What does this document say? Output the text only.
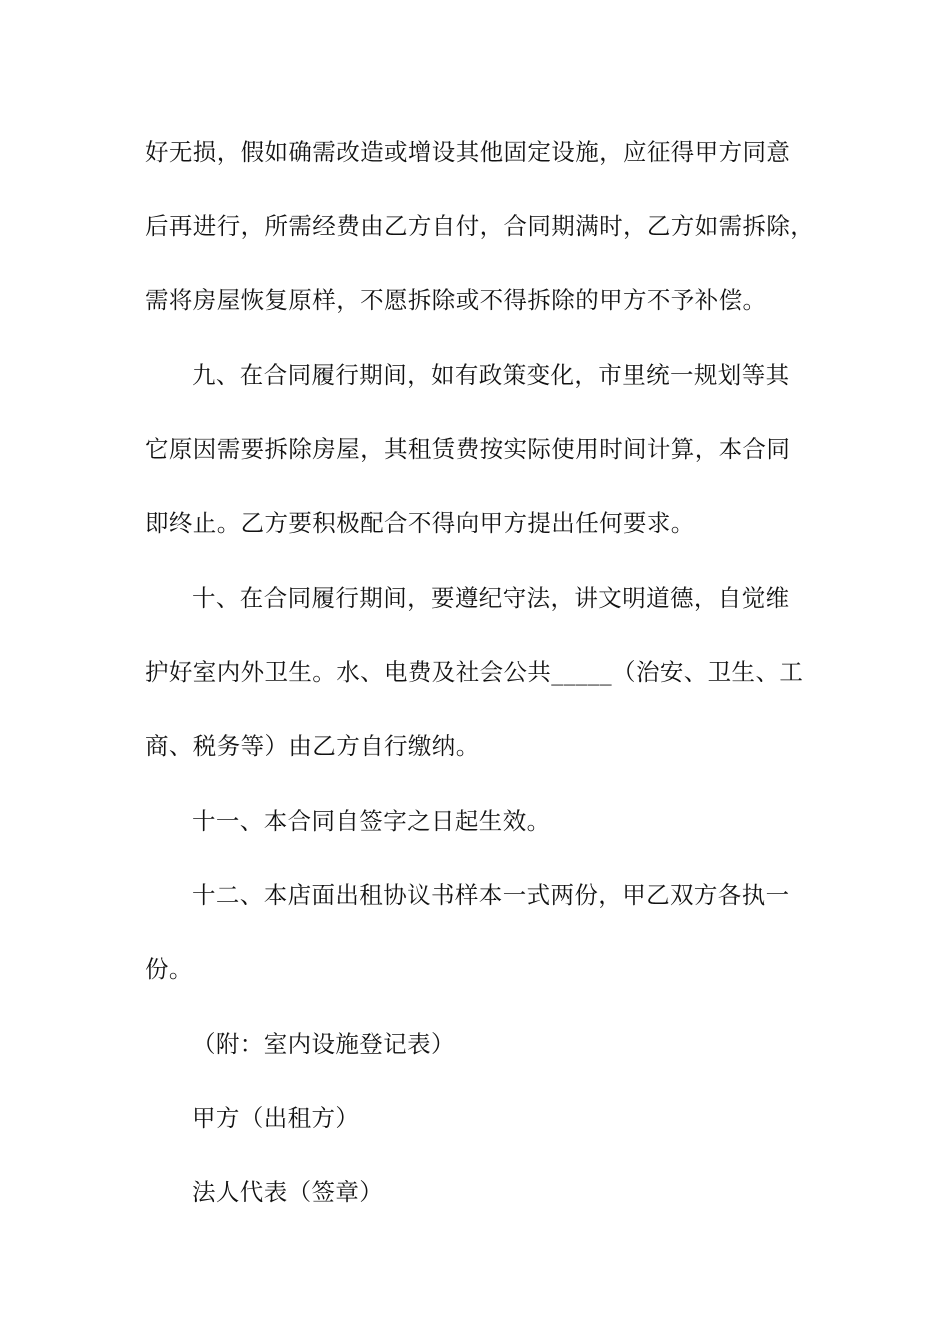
好无损，假如确需改造或增设其他固定设施，应征得甲方同意
后再进行，所需经费由乙方自付，合同期满时，乙方如需拆除，
需将房屋恢复原样，不愿拆除或不得拆除的甲方不予补偿。
九、在合同履行期间，如有政策变化，市里统一规划等其
它原因需要拆除房屋，其租赁费按实际使用时间计算，本合同
即终止。乙方要积极配合不得向甲方提出任何要求。
十、在合同履行期间，要遵纪守法，讲文明道德，自觉维
护好室内外卫生。水、电费及社会公共_____（治安、卫生、工
商、税务等）由乙方自行缴纳。
十一、本合同自签字之日起生效。
十二、本店面出租协议书样本一式两份，甲乙双方各执一
份。
（附：室内设施登记表）
甲方（出租方）
法人代表（签章）
